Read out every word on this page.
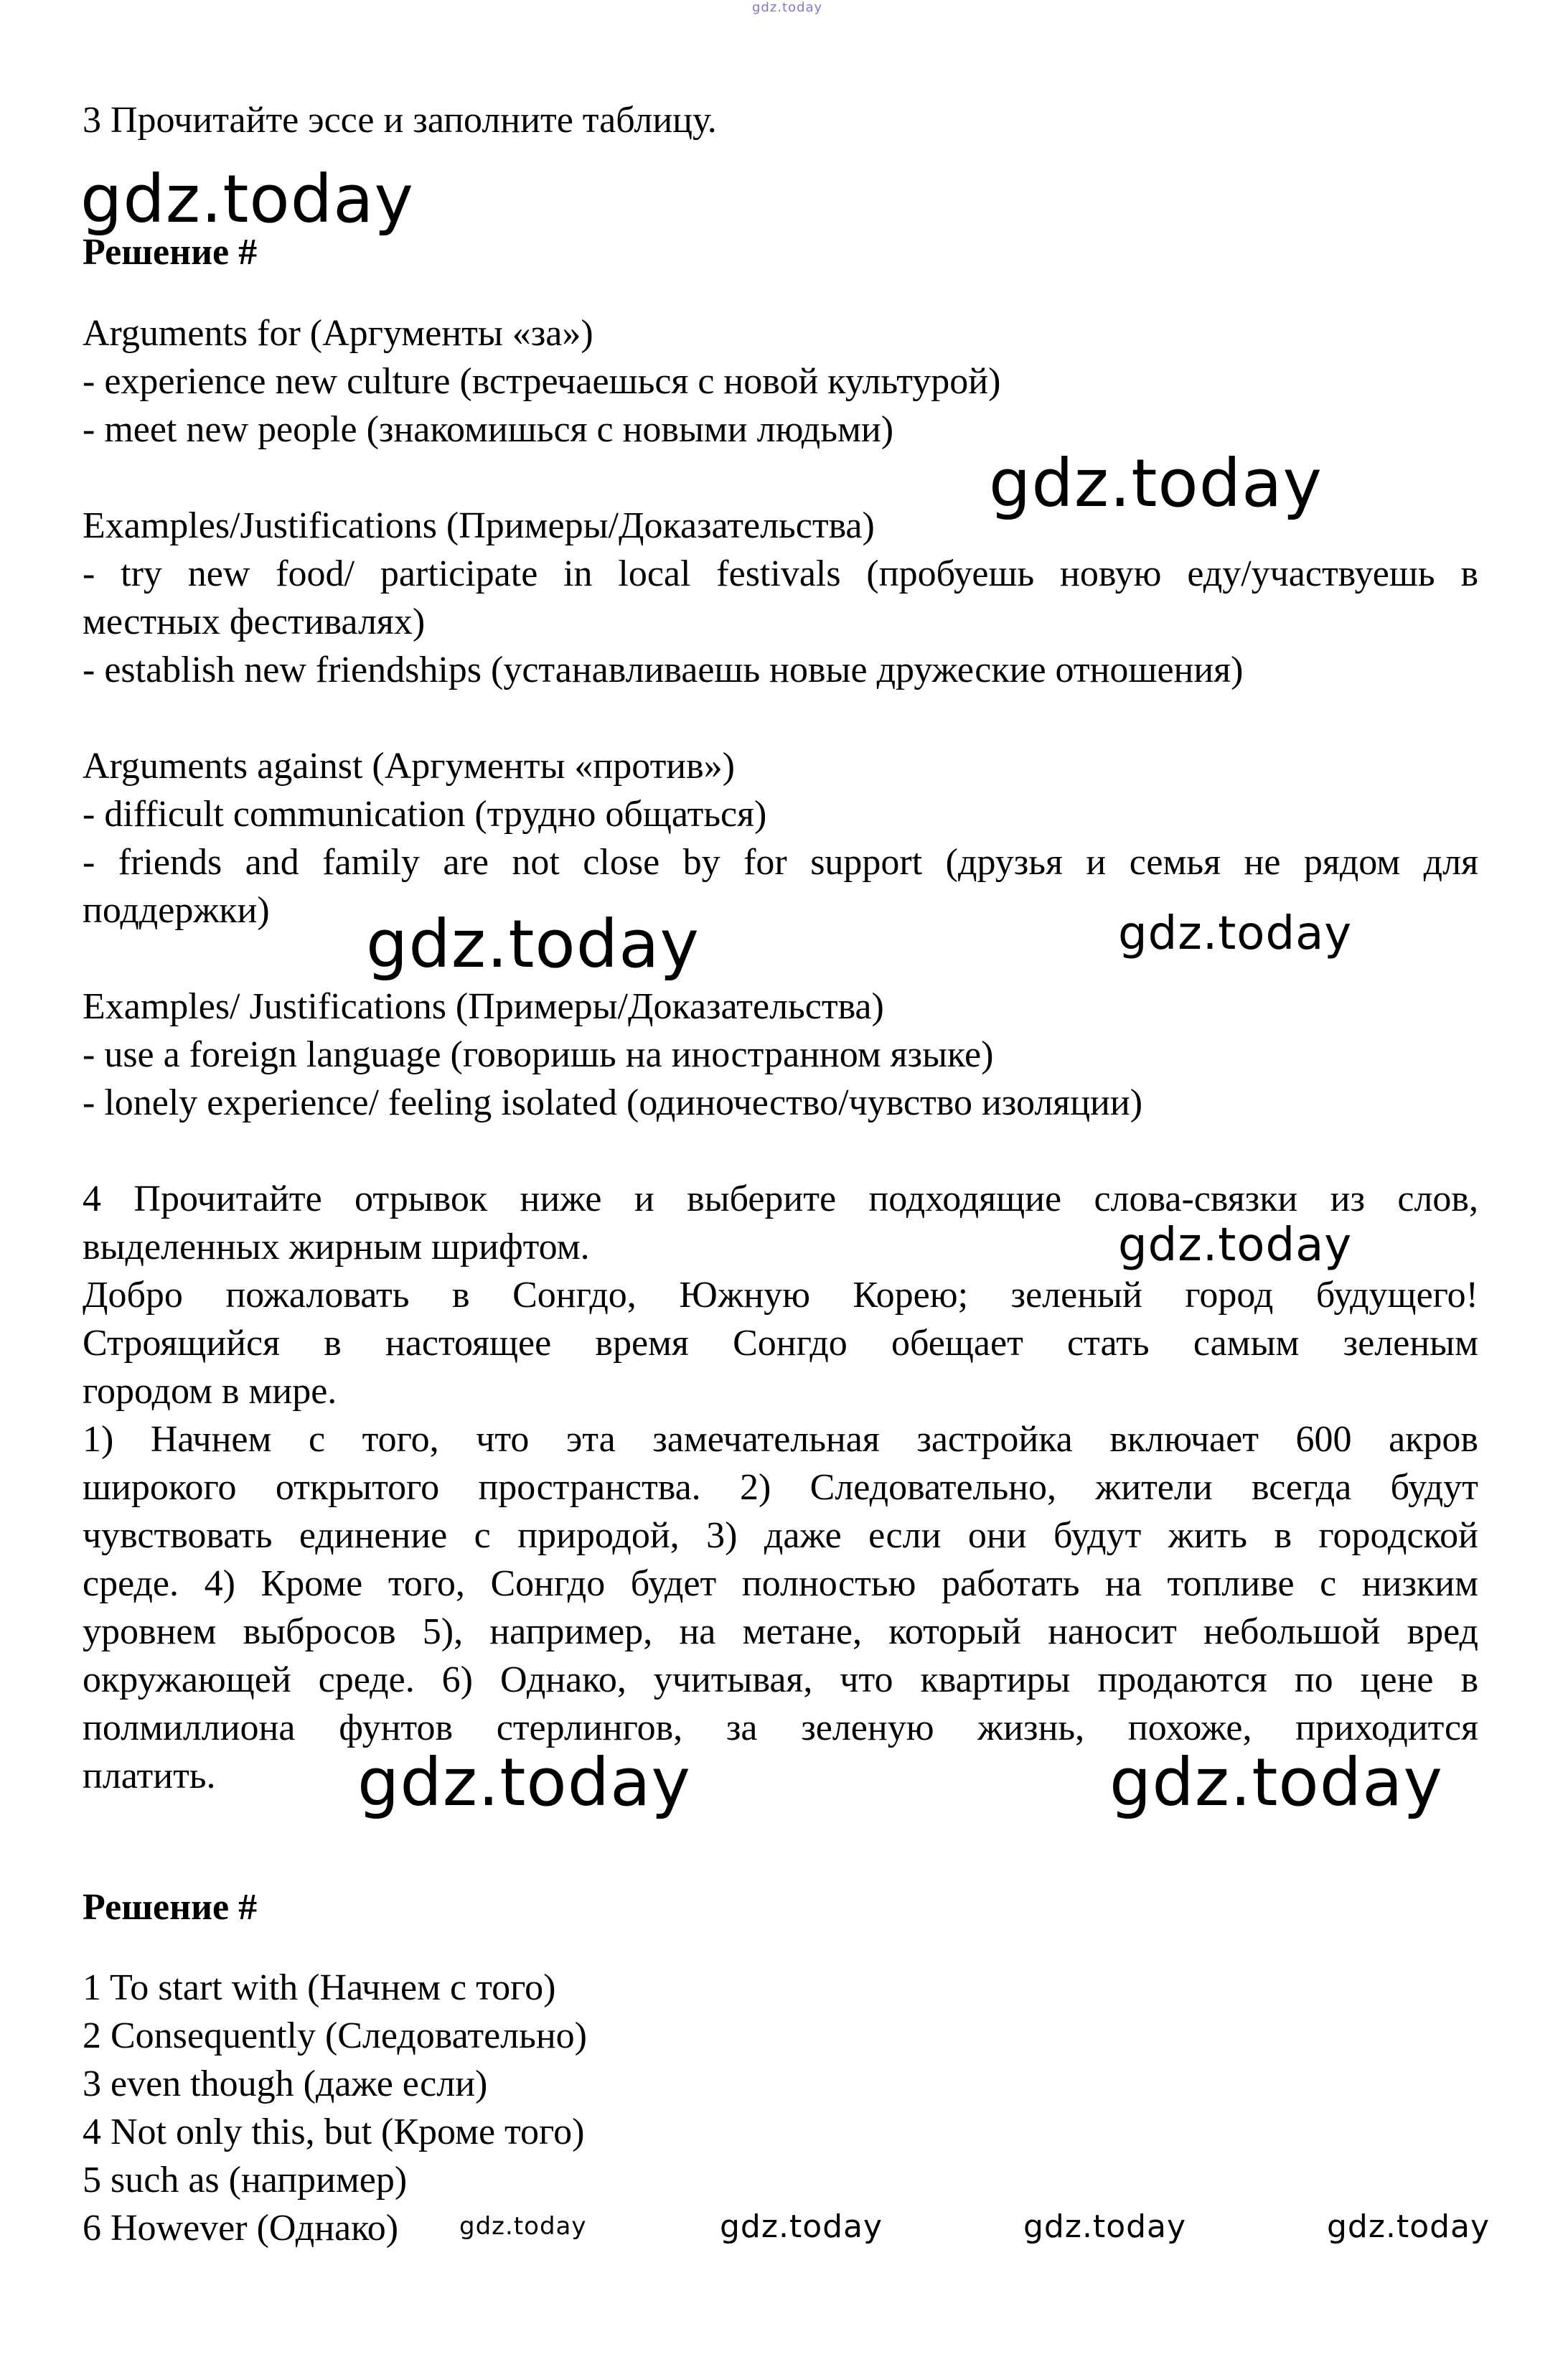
gdz.today
gdz.today
gdz.today
gdz.today	gdz.today
gdz.today
gdz.today	gdz.today
gdz.today	gdz.today	gdz.today	gdz.today
3 Прочитайте эссе и заполните таблицу.
Решение #
Arguments for (Аргументы «за»)
- experience new culture (встречаешься с новой культурой)
- meet new people (знакомишься с новыми людьми)
Examples/Justifications (Примеры/Доказательства)
- try new food/ participate in local festivals (пробуешь новую еду/участвуешь в
местных фестивалях)
- establish new friendships (устанавливаешь новые дружеские отношения)
Arguments against (Аргументы «против»)
- difficult communication (трудно общаться)
- friends and family are not close by for support (друзья и семья не рядом для
поддержки)
Examples/ Justifications (Примеры/Доказательства)
- use a foreign language (говоришь на иностранном языке)
- lonely experience/ feeling isolated (одиночество/чувство изоляции)
4 Прочитайте отрывок ниже и выберите подходящие слова-связки из слов,
выделенных жирным шрифтом.
Добро пожаловать в Сонгдо, Южную Корею; зеленый город будущего!
Строящийся в настоящее время Сонгдо обещает стать самым зеленым
городом в мире.
1) Начнем с того, что эта замечательная застройка включает 600 акров
широкого открытого пространства. 2) Следовательно, жители всегда будут
чувствовать единение с природой, 3) даже если они будут жить в городской
среде. 4) Кроме того, Сонгдо будет полностью работать на топливе с низким
уровнем выбросов 5), например, на метане, который наносит небольшой вред
окружающей среде. 6) Однако, учитывая, что квартиры продаются по цене в
полмиллиона фунтов стерлингов, за зеленую жизнь, похоже, приходится
платить.
Решение #
1 To start with (Начнем с того)
2 Consequently (Следовательно)
3 even though (даже если)
4 Not only this, but (Кроме того)
5 such as (например)
6 However (Однако)
